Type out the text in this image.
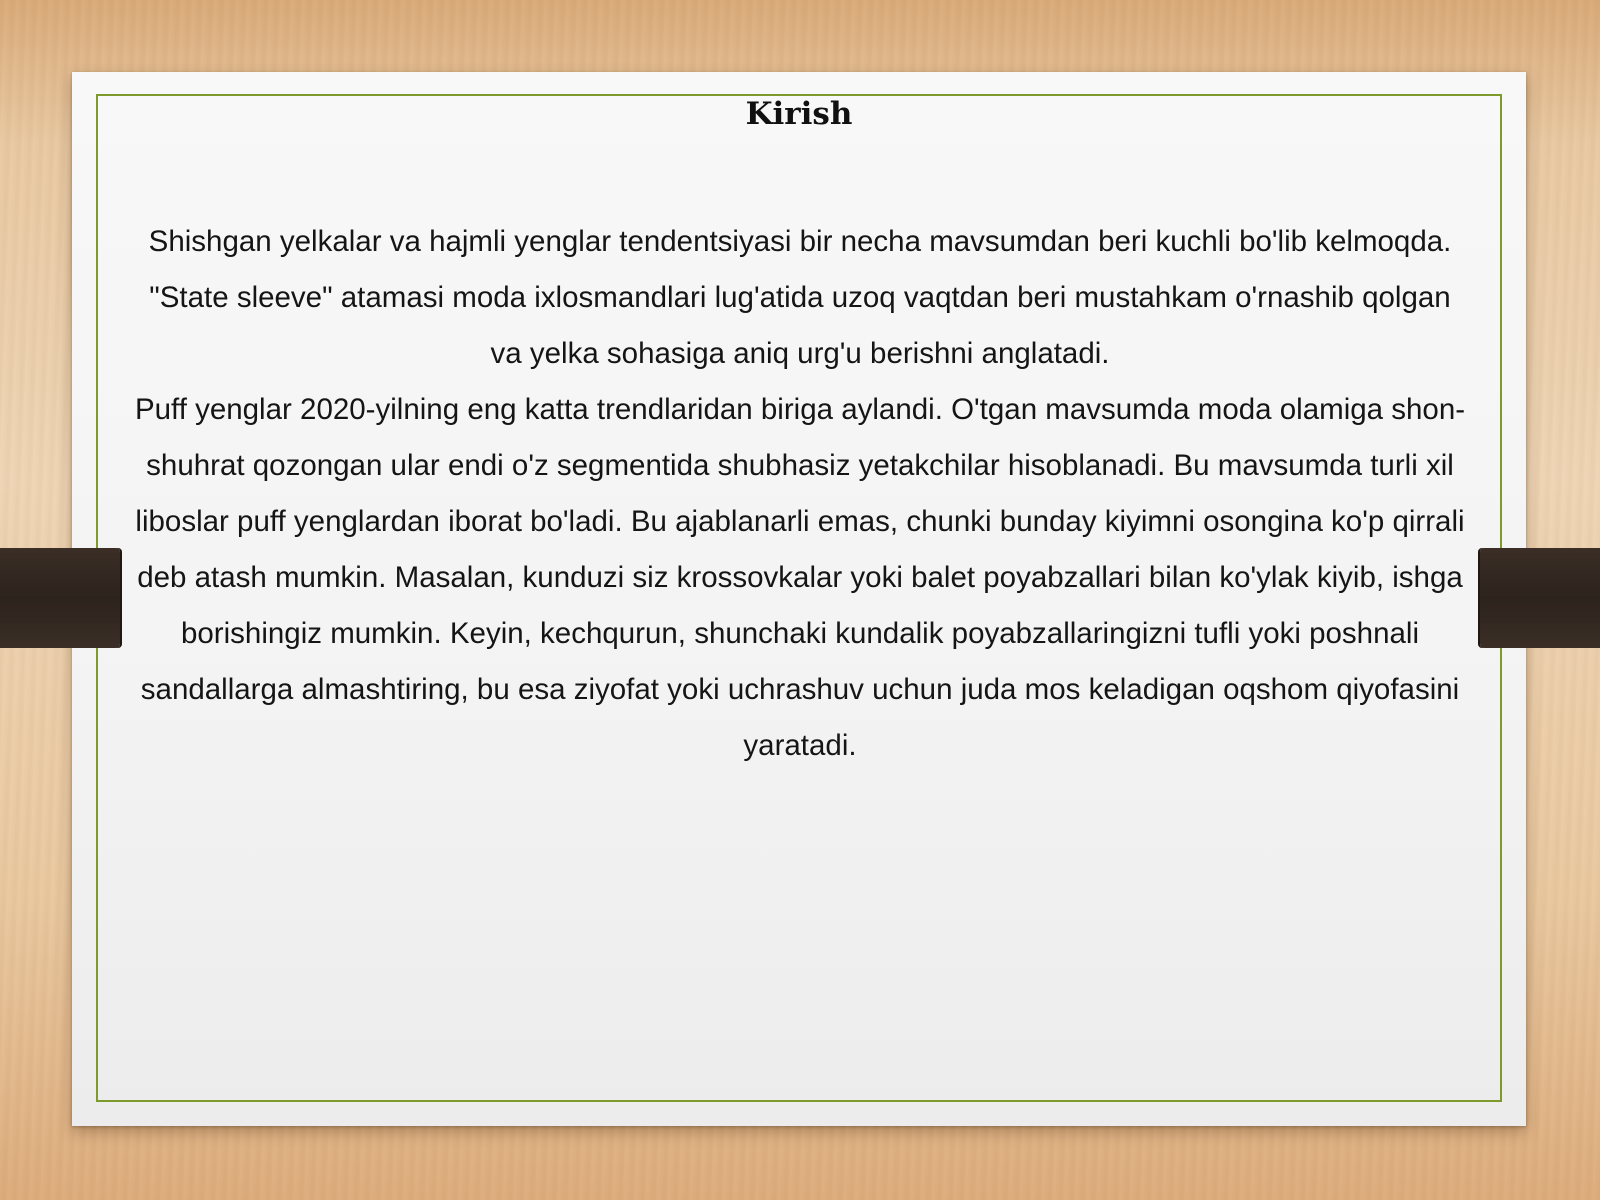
Kirish

Shishgan yelkalar va hajmli yenglar tendentsiyasi bir necha mavsumdan beri kuchli bo'lib kelmoqda.

"State sleeve" atamasi moda ixlosmandlari lug'atida uzoq vaqtdan beri mustahkam o'rnashib qolgan va yelka sohasiga aniq urg'u berishni anglatadi.

Puff yenglar 2020-yilning eng katta trendlaridan biriga aylandi. O'tgan mavsumda moda olamiga shon-shuhrat qozongan ular endi o'z segmentida shubhasiz yetakchilar hisoblanadi. Bu mavsumda turli xil liboslar puff yenglardan iborat bo'ladi. Bu ajablanarli emas, chunki bunday kiyimni osongina ko'p qirrali deb atash mumkin. Masalan, kunduzi siz krossovkalar yoki balet poyabzallari bilan ko'ylak kiyib, ishga borishingiz mumkin. Keyin, kechqurun, shunchaki kundalik poyabzallaringizni tufli yoki poshnali sandallarga almashtiring, bu esa ziyofat yoki uchrashuv uchun juda mos keladigan oqshom qiyofasini yaratadi.
